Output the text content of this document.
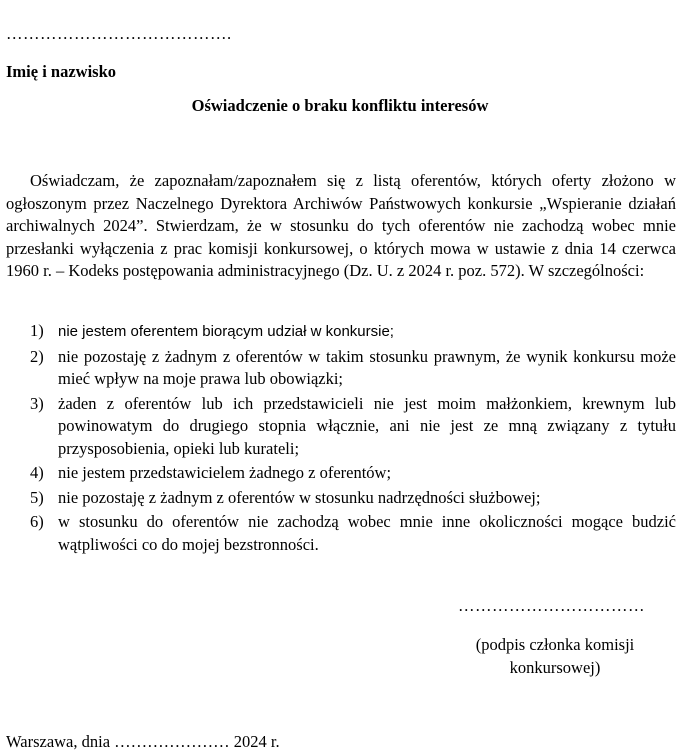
………………………………….
Imię i nazwisko
Oświadczenie o braku konfliktu interesów

Oświadczam, że zapoznałam/zapoznałem się z listą oferentów, których oferty złożono w ogłoszonym przez Naczelnego Dyrektora Archiwów Państwowych konkursie „Wspieranie działań archiwalnych 2024”. Stwierdzam, że w stosunku do tych oferentów nie zachodzą wobec mnie przesłanki wyłączenia z prac komisji konkursowej, o których mowa w ustawie z dnia 14 czerwca 1960 r. – Kodeks postępowania administracyjnego (Dz. U. z 2024 r. poz. 572). W szczególności:

1) nie jestem oferentem biorącym udział w konkursie;
2) nie pozostaję z żadnym z oferentów w takim stosunku prawnym, że wynik konkursu może mieć wpływ na moje prawa lub obowiązki;
3) żaden z oferentów lub ich przedstawicieli nie jest moim małżonkiem, krewnym lub powinowatym do drugiego stopnia włącznie, ani nie jest ze mną związany z tytułu przysposobienia, opieki lub kurateli;
4) nie jestem przedstawicielem żadnego z oferentów;
5) nie pozostaję z żadnym z oferentów w stosunku nadrzędności służbowej;
6) w stosunku do oferentów nie zachodzą wobec mnie inne okoliczności mogące budzić wątpliwości co do mojej bezstronności.
……………………………
(podpis członka komisji konkursowej)
Warszawa, dnia ………………… 2024 r.
